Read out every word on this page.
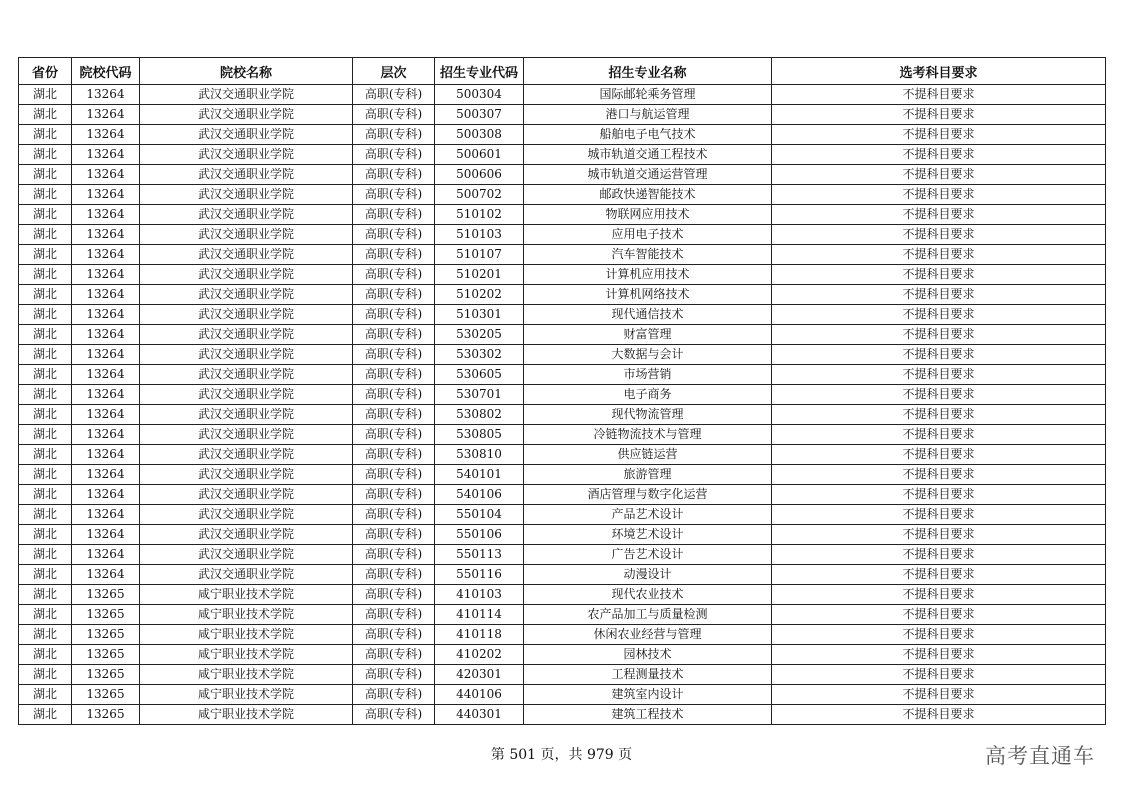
省份	院校代码	院校名称	层次	招生专业代码	招生专业名称	选考科目要求
湖北	13264	武汉交通职业学院	高职(专科)	500304	国际邮轮乘务管理	不提科目要求
湖北	13264	武汉交通职业学院	高职(专科)	500307	港口与航运管理	不提科目要求
湖北	13264	武汉交通职业学院	高职(专科)	500308	船舶电子电气技术	不提科目要求
湖北	13264	武汉交通职业学院	高职(专科)	500601	城市轨道交通工程技术	不提科目要求
湖北	13264	武汉交通职业学院	高职(专科)	500606	城市轨道交通运营管理	不提科目要求
湖北	13264	武汉交通职业学院	高职(专科)	500702	邮政快递智能技术	不提科目要求
湖北	13264	武汉交通职业学院	高职(专科)	510102	物联网应用技术	不提科目要求
湖北	13264	武汉交通职业学院	高职(专科)	510103	应用电子技术	不提科目要求
湖北	13264	武汉交通职业学院	高职(专科)	510107	汽车智能技术	不提科目要求
湖北	13264	武汉交通职业学院	高职(专科)	510201	计算机应用技术	不提科目要求
湖北	13264	武汉交通职业学院	高职(专科)	510202	计算机网络技术	不提科目要求
湖北	13264	武汉交通职业学院	高职(专科)	510301	现代通信技术	不提科目要求
湖北	13264	武汉交通职业学院	高职(专科)	530205	财富管理	不提科目要求
湖北	13264	武汉交通职业学院	高职(专科)	530302	大数据与会计	不提科目要求
湖北	13264	武汉交通职业学院	高职(专科)	530605	市场营销	不提科目要求
湖北	13264	武汉交通职业学院	高职(专科)	530701	电子商务	不提科目要求
湖北	13264	武汉交通职业学院	高职(专科)	530802	现代物流管理	不提科目要求
湖北	13264	武汉交通职业学院	高职(专科)	530805	冷链物流技术与管理	不提科目要求
湖北	13264	武汉交通职业学院	高职(专科)	530810	供应链运营	不提科目要求
湖北	13264	武汉交通职业学院	高职(专科)	540101	旅游管理	不提科目要求
湖北	13264	武汉交通职业学院	高职(专科)	540106	酒店管理与数字化运营	不提科目要求
湖北	13264	武汉交通职业学院	高职(专科)	550104	产品艺术设计	不提科目要求
湖北	13264	武汉交通职业学院	高职(专科)	550106	环境艺术设计	不提科目要求
湖北	13264	武汉交通职业学院	高职(专科)	550113	广告艺术设计	不提科目要求
湖北	13264	武汉交通职业学院	高职(专科)	550116	动漫设计	不提科目要求
湖北	13265	咸宁职业技术学院	高职(专科)	410103	现代农业技术	不提科目要求
湖北	13265	咸宁职业技术学院	高职(专科)	410114	农产品加工与质量检测	不提科目要求
湖北	13265	咸宁职业技术学院	高职(专科)	410118	休闲农业经营与管理	不提科目要求
湖北	13265	咸宁职业技术学院	高职(专科)	410202	园林技术	不提科目要求
湖北	13265	咸宁职业技术学院	高职(专科)	420301	工程测量技术	不提科目要求
湖北	13265	咸宁职业技术学院	高职(专科)	440106	建筑室内设计	不提科目要求
湖北	13265	咸宁职业技术学院	高职(专科)	440301	建筑工程技术	不提科目要求
第 501 页，共 979 页	高考直通车
